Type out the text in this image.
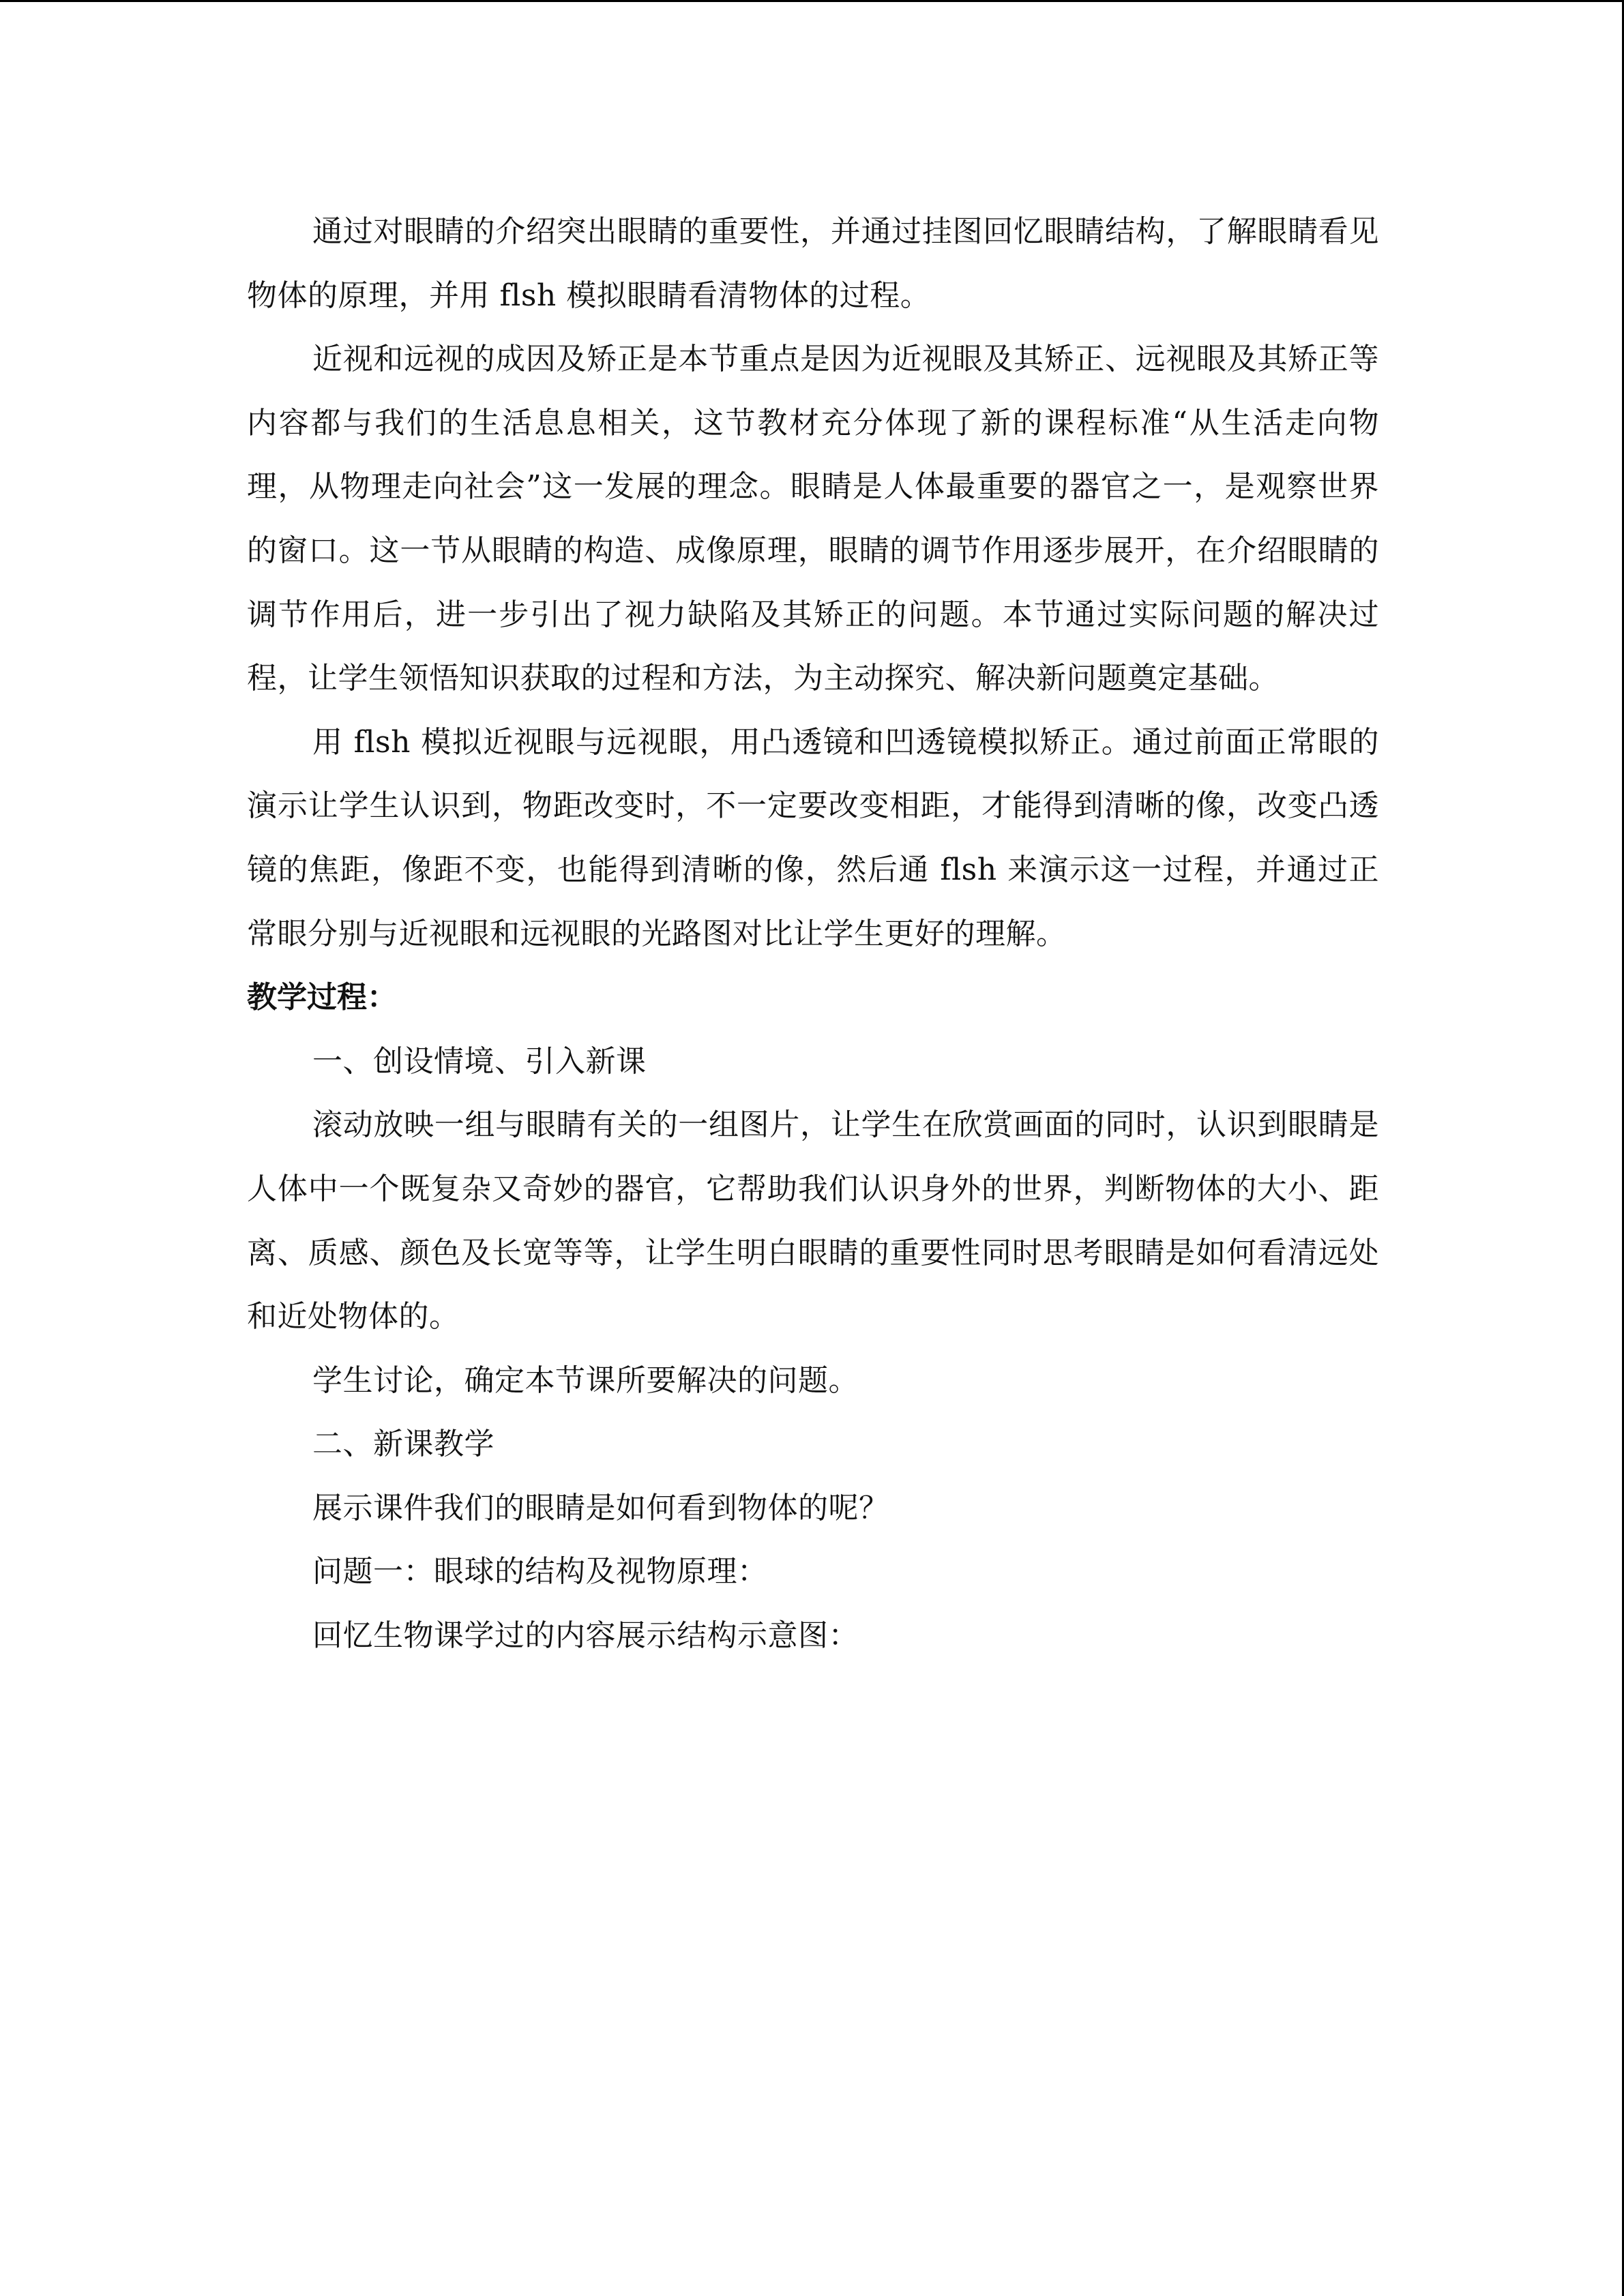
通过对眼睛的介绍突出眼睛的重要性，并通过挂图回忆眼睛结构，了解眼睛看见物体的原理，并用 flsh 模拟眼睛看清物体的过程。

近视和远视的成因及矫正是本节重点是因为近视眼及其矫正、远视眼及其矫正等内容都与我们的生活息息相关，这节教材充分体现了新的课程标准“从生活走向物理，从物理走向社会”这一发展的理念。眼睛是人体最重要的器官之一，是观察世界的窗口。这一节从眼睛的构造、成像原理，眼睛的调节作用逐步展开，在介绍眼睛的调节作用后，进一步引出了视力缺陷及其矫正的问题。本节通过实际问题的解决过程，让学生领悟知识获取的过程和方法，为主动探究、解决新问题奠定基础。

用 flsh 模拟近视眼与远视眼，用凸透镜和凹透镜模拟矫正。通过前面正常眼的演示让学生认识到，物距改变时，不一定要改变相距，才能得到清晰的像，改变凸透镜的焦距，像距不变，也能得到清晰的像，然后通 flsh 来演示这一过程，并通过正常眼分别与近视眼和远视眼的光路图对比让学生更好的理解。

教学过程：

一、创设情境、引入新课

滚动放映一组与眼睛有关的一组图片，让学生在欣赏画面的同时，认识到眼睛是人体中一个既复杂又奇妙的器官，它帮助我们认识身外的世界，判断物体的大小、距离、质感、颜色及长宽等等，让学生明白眼睛的重要性同时思考眼睛是如何看清远处和近处物体的。

学生讨论，确定本节课所要解决的问题。

二、新课教学

展示课件我们的眼睛是如何看到物体的呢？

问题一：眼球的结构及视物原理：

回忆生物课学过的内容展示结构示意图：
